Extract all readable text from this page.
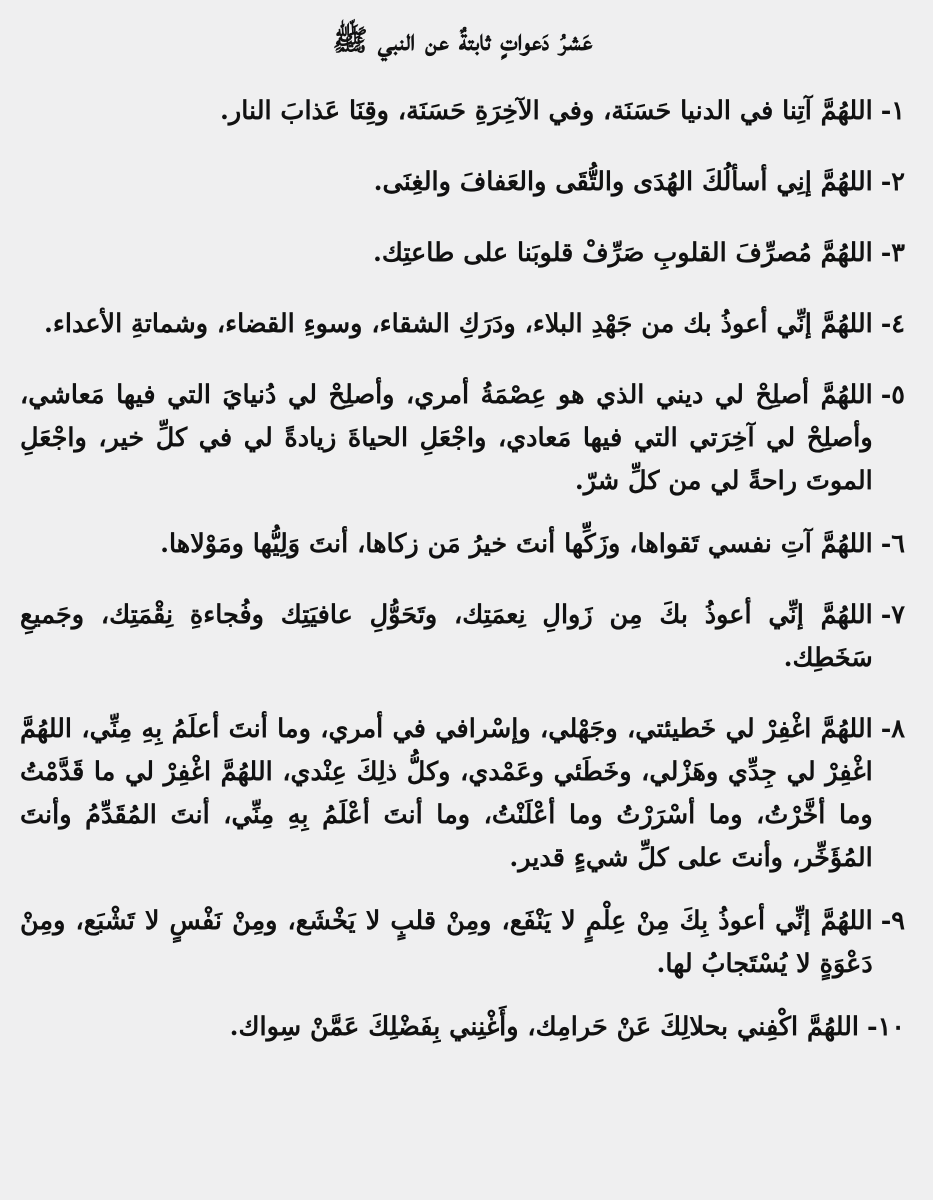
عَشرُ دَعواتٍ ثابتةٌ عن النبي ﷺ
١-
اللهُمَّ آتِنا في الدنيا حَسَنَة، وفي الآخِرَةِ حَسَنَة، وقِنَا عَذابَ النار.
٢-
اللهُمَّ إنِي أسألُكَ الهُدَى والتُّقَى والعَفافَ والغِنَى.
٣-
اللهُمَّ مُصرِّفَ القلوبِ صَرِّفْ قلوبَنا على طاعتِك.
٤-
اللهُمَّ إنِّي أعوذُ بك من جَهْدِ البلاء، ودَرَكِ الشقاء، وسوءِ القضاء، وشماتةِ الأعداء.
٥-
اللهُمَّ أصلِحْ لي ديني الذي هو عِصْمَةُ أمري، وأصلِحْ لي دُنيايَ التي فيها مَعاشي، وأصلِحْ لي آخِرَتي التي فيها مَعادي، واجْعَلِ الحياةَ زيادةً لي في كلِّ خير، واجْعَلِ الموتَ راحةً لي من كلِّ شرّ.
٦-
اللهُمَّ آتِ نفسي تَقواها، وزَكِّها أنتَ خيرُ مَن زكاها، أنتَ وَلِيُّها ومَوْلاها.
٧-
اللهُمَّ إنِّي أعوذُ بكَ مِن زَوالِ نِعمَتِك، وتَحَوُّلِ عافيَتِك وفُجاءةِ نِقْمَتِك، وجَميعِ سَخَطِك.
٨-
اللهُمَّ اغْفِرْ لي خَطيئتي، وجَهْلي، وإسْرافي في أمري، وما أنتَ أعلَمُ بِهِ مِنِّي، اللهُمَّ اغْفِرْ لي جِدِّي وهَزْلي، وخَطَئي وعَمْدي، وكلُّ ذلِكَ عِنْدي، اللهُمَّ اغْفِرْ لي ما قَدَّمْتُ وما أخَّرْتُ، وما أسْرَرْتُ وما أعْلَنْتُ، وما أنتَ أعْلَمُ بِهِ مِنِّي، أنتَ المُقَدِّمُ وأنتَ المُؤَخِّر، وأنتَ على كلِّ شيءٍ قدير.
٩-
اللهُمَّ إنِّي أعوذُ بِكَ مِنْ عِلْمٍ لا يَنْفَع، ومِنْ قلبٍ لا يَخْشَع، ومِنْ نَفْسٍ لا تَشْبَع، ومِنْ دَعْوَةٍ لا يُسْتَجابُ لها.
١٠-
اللهُمَّ اكْفِني بحلالِكَ عَنْ حَرامِك، وأَغْنِني بِفَضْلِكَ عَمَّنْ سِواك.
